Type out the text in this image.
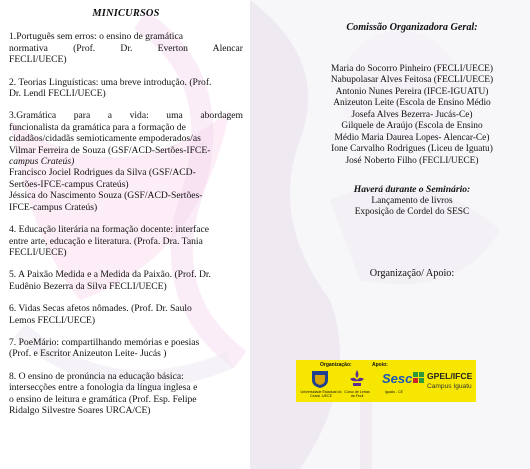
MINICURSOS
1.Português sem erros: o ensino de gramática
normativa (Prof. Dr. Everton Alencar
FECLI/UECE)
2. Teorias Linguísticas: uma breve introdução. (Prof.
Dr. Lendl FECLI/UECE)
3.Gramática para a vida: uma abordagem
funcionalista da gramática para a formação de
cidadãos/cidadãs semioticamente empoderados/as
Vilmar Ferreira de Souza (GSF/ACD-Sertões-IFCE-
campus Crateús)
Francisco Jociel Rodrigues da Silva (GSF/ACD-
Sertões-IFCE-campus Crateús)
Jéssica do Nascimento Souza (GSF/ACD-Sertões-
IFCE-campus Crateús)
4. Educação literária na formação docente: interface
entre arte, educação e literatura. (Profa. Dra. Tania
FECLI/UECE)
5. A Paixão Medida e a Medida da Paixão. (Prof. Dr.
Eudênio Bezerra da Silva FECLI/UECE)
6. Vidas Secas afetos nômades. (Prof. Dr. Saulo
Lemos FECLI/UECE)
7. PoeMário: compartilhando memórias e poesias
(Prof. e Escritor Anizeuton Leite- Jucás )
8. O ensino de pronúncia na educação básica:
intersecções entre a fonologia da língua inglesa e
o ensino de leitura e gramática (Prof. Esp. Felipe
Ridalgo Silvestre Soares URCA/CE)
Comissão Organizadora Geral:
Maria do Socorro Pinheiro (FECLI/UECE)
Nabupolasar Alves Feitosa (FECLI/UECE)
Antonio Nunes Pereira (IFCE-IGUATU)
Anizeuton Leite (Escola de Ensino Médio
Josefa Alves Bezerra- Jucás-Ce)
Gilquele de Araújo (Escola de Ensino
Médio Maria Daurea Lopes- Alencar-Ce)
Ione Carvalho Rodrigues (Liceu de Iguatu)
José Noberto Filho (FECLI/UECE)
Haverá durante o Seminário:
Lançamento de livros
Exposição de Cordel do SESC
Organização/ Apoio:
Organização:	Apoio:
Universidade Estadual do Ceará -UECE
Curso de Letras da Fecli
Sesc
Iguatu - CE
GPEL/IFCE
Campus Iguatu
